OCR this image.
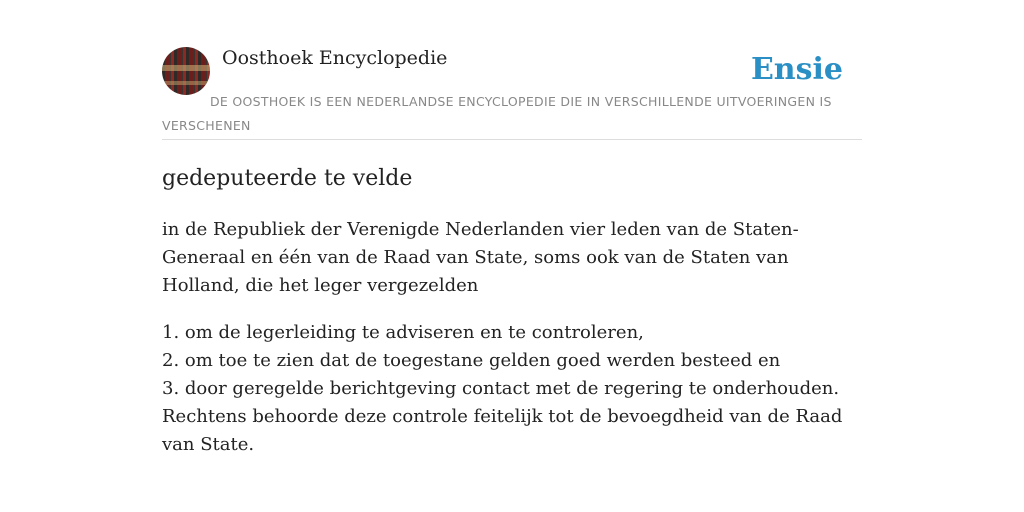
Oosthoek Encyclopedie	Ensie
DE OOSTHOEK IS EEN NEDERLANDSE ENCYCLOPEDIE DIE IN VERSCHILLENDE UITVOERINGEN IS VERSCHENEN
gedeputeerde te velde

in de Republiek der Verenigde Nederlanden vier leden van de Staten-Generaal en één van de Raad van State, soms ook van de Staten van Holland, die het leger vergezelden

1. om de legerleiding te adviseren en te controleren,
2. om toe te zien dat de toegestane gelden goed werden besteed en
3. door geregelde berichtgeving contact met de regering te onderhouden.
Rechtens behoorde deze controle feitelijk tot de bevoegdheid van de Raad van State.
